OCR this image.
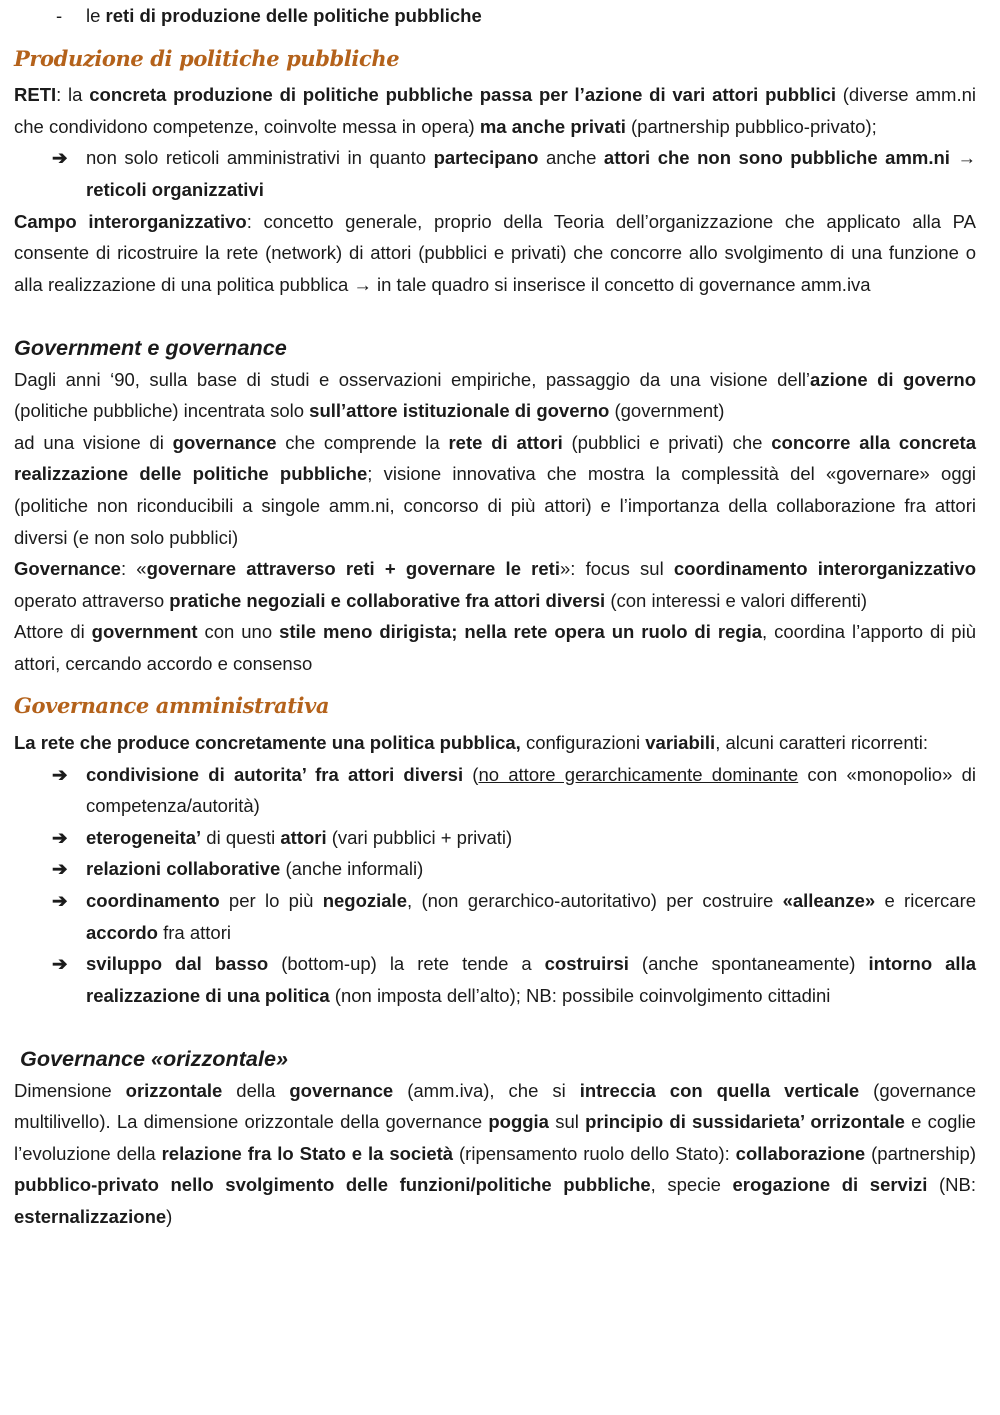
- le reti di produzione delle politiche pubbliche

Produzione di politiche pubbliche

RETI: la concreta produzione di politiche pubbliche passa per l’azione di vari attori pubblici (diverse amm.ni che condividono competenze, coinvolte messa in opera) ma anche privati (partnership pubblico-privato);

➔ non solo reticoli amministrativi in quanto partecipano anche attori che non sono pubbliche amm.ni → reticoli organizzativi

Campo interorganizzativo: concetto generale, proprio della Teoria dell’organizzazione che applicato alla PA consente di ricostruire la rete (network) di attori (pubblici e privati) che concorre allo svolgimento di una funzione o alla realizzazione di una politica pubblica → in tale quadro si inserisce il concetto di governance amm.iva

Government e governance

Dagli anni ‘90, sulla base di studi e osservazioni empiriche, passaggio da una visione dell’azione di governo (politiche pubbliche) incentrata solo sull’attore istituzionale di governo (government)

ad una visione di governance che comprende la rete di attori (pubblici e privati) che concorre alla concreta realizzazione delle politiche pubbliche; visione innovativa che mostra la complessità del «governare» oggi (politiche non riconducibili a singole amm.ni, concorso di più attori) e l’importanza della collaborazione fra attori diversi (e non solo pubblici)

Governance: «governare attraverso reti + governare le reti»: focus sul coordinamento interorganizzativo operato attraverso pratiche negoziali e collaborative fra attori diversi (con interessi e valori differenti)

Attore di government con uno stile meno dirigista; nella rete opera un ruolo di regia, coordina l’apporto di più attori, cercando accordo e consenso

Governance amministrativa

La rete che produce concretamente una politica pubblica, configurazioni variabili, alcuni caratteri ricorrenti:

➔ condivisione di autorita’ fra attori diversi (no attore gerarchicamente dominante con «monopolio» di competenza/autorità)

➔ eterogeneita’ di questi attori (vari pubblici + privati)

➔ relazioni collaborative (anche informali)

➔ coordinamento per lo più negoziale, (non gerarchico-autoritativo) per costruire «alleanze» e ricercare accordo fra attori

➔ sviluppo dal basso (bottom-up) la rete tende a costruirsi (anche spontaneamente) intorno alla realizzazione di una politica (non imposta dell’alto); NB: possibile coinvolgimento cittadini

Governance «orizzontale»

Dimensione orizzontale della governance (amm.iva), che si intreccia con quella verticale (governance multilivello). La dimensione orizzontale della governance poggia sul principio di sussidarieta’ orrizontale e coglie l’evoluzione della relazione fra lo Stato e la società (ripensamento ruolo dello Stato): collaborazione (partnership) pubblico-privato nello svolgimento delle funzioni/politiche pubbliche, specie erogazione di servizi (NB: esternalizzazione)
